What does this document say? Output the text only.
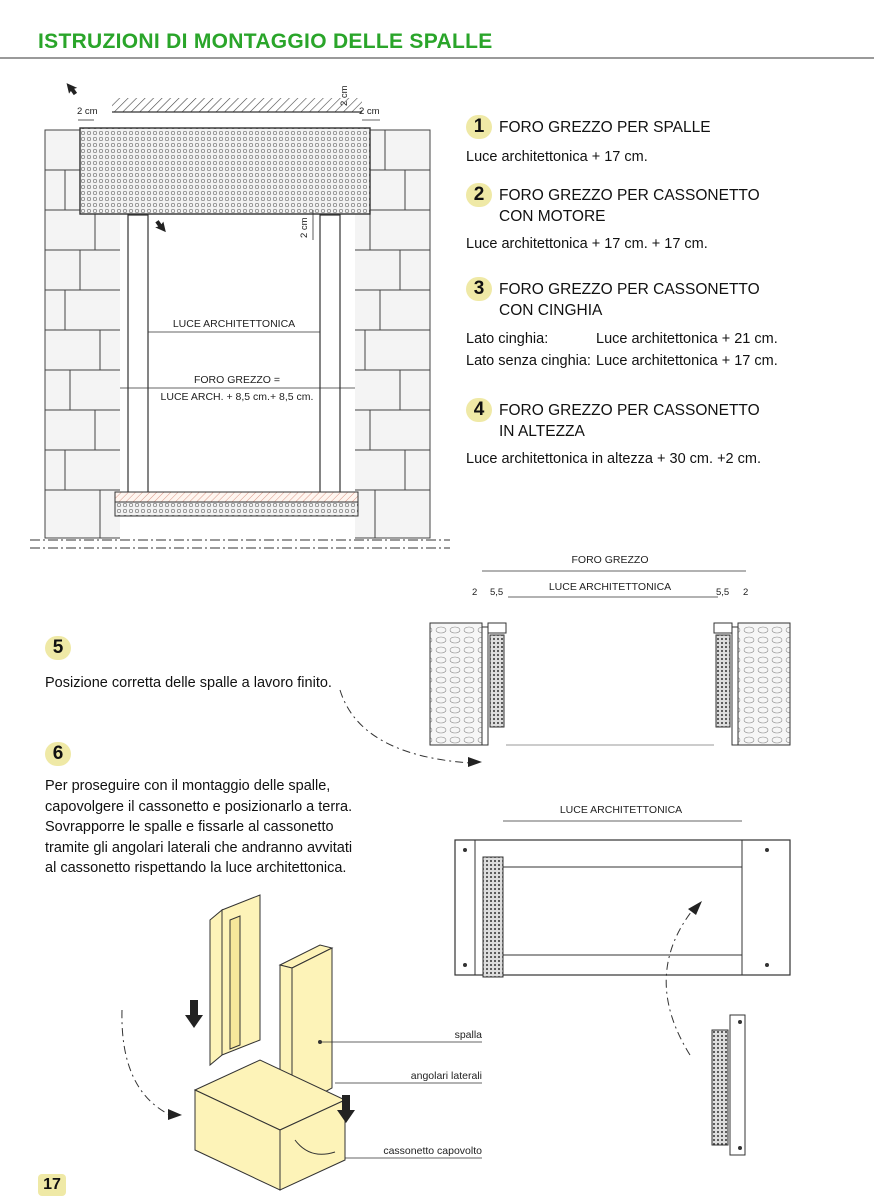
ISTRUZIONI DI MONTAGGIO DELLE SPALLE
1 FORO GREZZO PER SPALLE
Luce architettonica + 17 cm.
2 FORO GREZZO PER CASSONETTO
CON MOTORE
Luce architettonica + 17 cm. + 17 cm.
3 FORO GREZZO PER CASSONETTO
CON CINGHIA
Lato cinghia:	Luce architettonica + 21 cm.
Lato senza cinghia: Luce architettonica + 17 cm.
4 FORO GREZZO PER CASSONETTO
IN ALTEZZA
Luce architettonica in altezza + 30 cm. +2 cm.
5
Posizione corretta delle spalle a lavoro finito.
6
Per proseguire con il montaggio delle spalle,
capovolgere il cassonetto e posizionarlo a terra.
Sovrapporre le spalle e fissarle al cassonetto
tramite gli angolari laterali che andranno avvitati
al cassonetto rispettando la luce architettonica.
17
LUCE ARCHITETTONICA
FORO GREZZO =
LUCE ARCH. + 8,5 cm.+ 8,5 cm.
2 cm	2 cm
2 cm
2 cm
FORO GREZZO
LUCE ARCHITETTONICA
2 5,5	5,5 2
LUCE ARCHITETTONICA
spalla
angolari laterali
cassonetto capovolto
